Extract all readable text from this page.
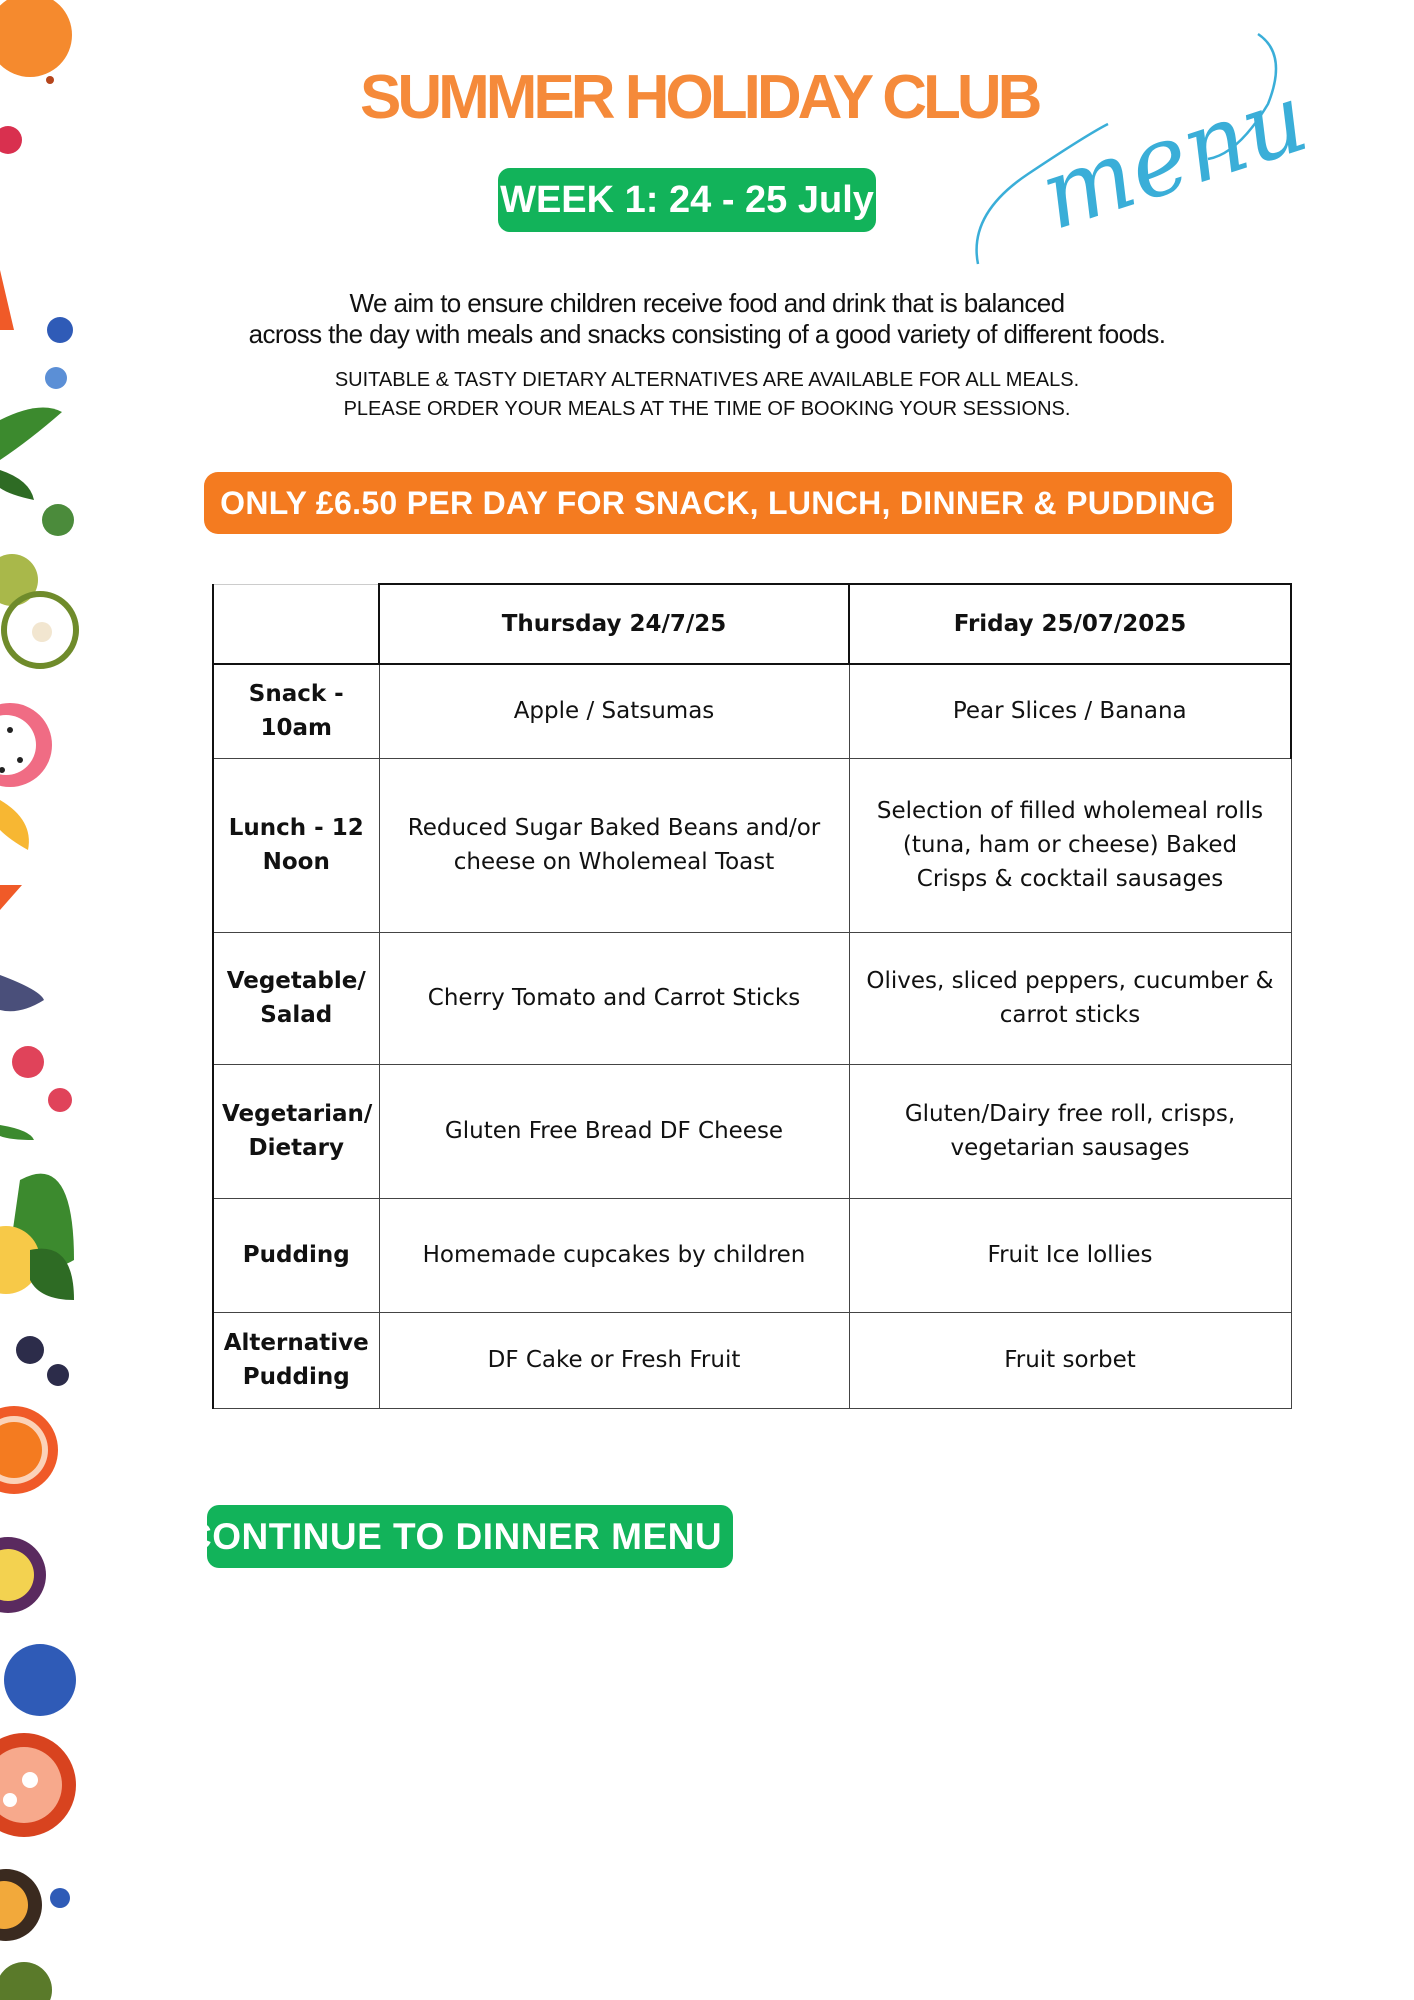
SUMMER HOLIDAY CLUB
menu
WEEK 1: 24 - 25 July
We aim to ensure children receive food and drink that is balanced
across the day with meals and snacks consisting of a good variety of different foods.
SUITABLE & TASTY DIETARY ALTERNATIVES ARE AVAILABLE FOR ALL MEALS.
PLEASE ORDER YOUR MEALS AT THE TIME OF BOOKING YOUR SESSIONS.
ONLY £6.50 PER DAY FOR SNACK, LUNCH, DINNER & PUDDING
	Thursday 24/7/25	Friday 25/07/2025
Snack - 10am	Apple / Satsumas	Pear Slices / Banana
Lunch - 12 Noon	Reduced Sugar Baked Beans and/or cheese on Wholemeal Toast	Selection of filled wholemeal rolls (tuna, ham or cheese) Baked Crisps & cocktail sausages
Vegetable/ Salad	Cherry Tomato and Carrot Sticks	Olives, sliced peppers, cucumber & carrot sticks
Vegetarian/ Dietary	Gluten Free Bread DF Cheese	Gluten/Dairy free roll, crisps, vegetarian sausages
Pudding	Homemade cupcakes by children	Fruit Ice lollies
Alternative Pudding	DF Cake or Fresh Fruit	Fruit sorbet
CONTINUE TO DINNER MENU >
